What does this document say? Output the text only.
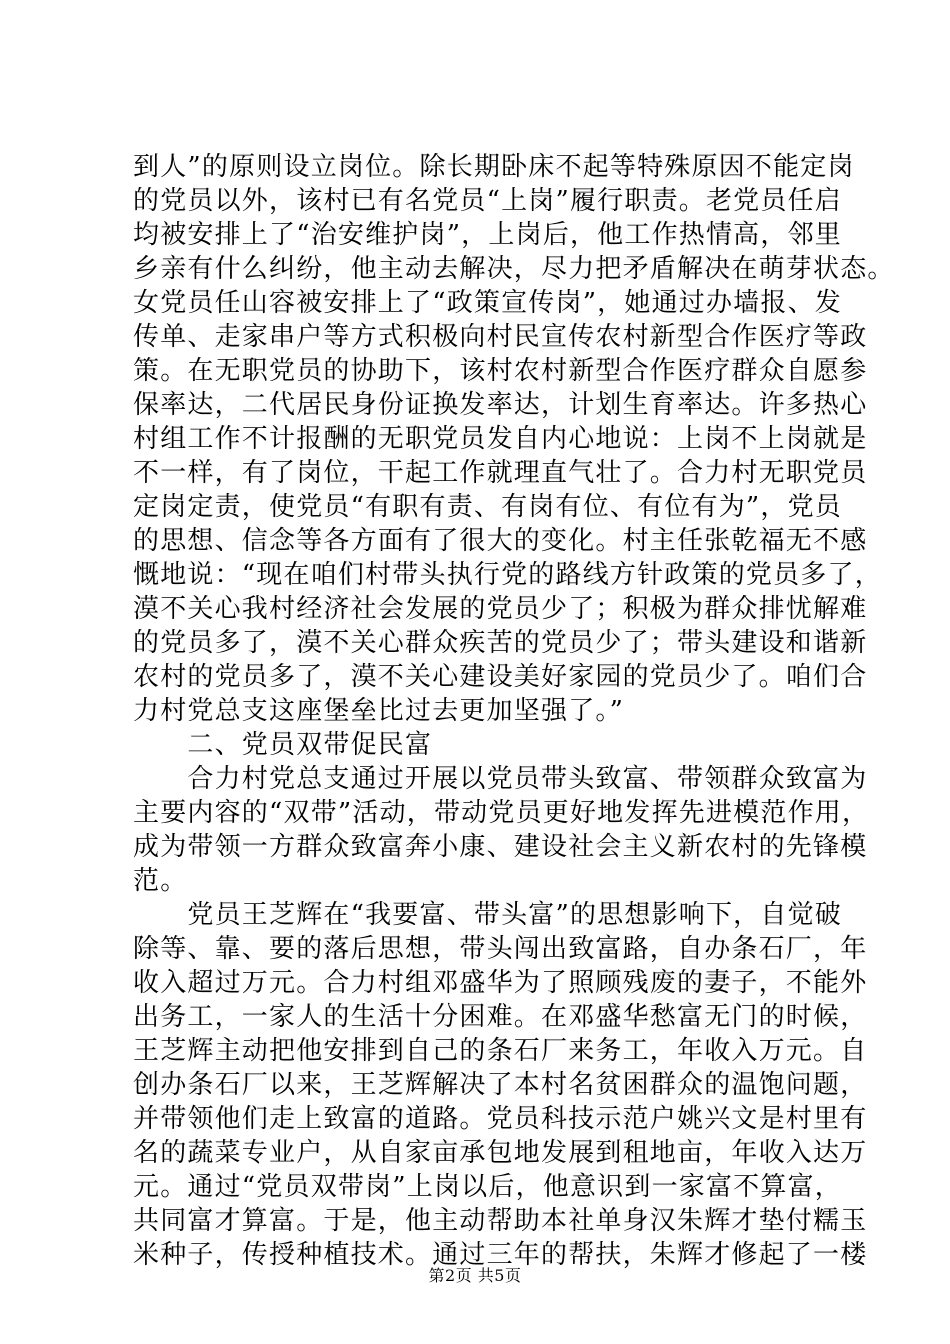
到人”的原则设立岗位。除长期卧床不起等特殊原因不能定岗
的党员以外，该村已有名党员“上岗”履行职责。老党员任启
均被安排上了“治安维护岗”，上岗后，他工作热情高，邻里
乡亲有什么纠纷，他主动去解决，尽力把矛盾解决在萌芽状态。
女党员任山容被安排上了“政策宣传岗”，她通过办墙报、发
传单、走家串户等方式积极向村民宣传农村新型合作医疗等政
策。在无职党员的协助下，该村农村新型合作医疗群众自愿参
保率达，二代居民身份证换发率达，计划生育率达。许多热心
村组工作不计报酬的无职党员发自内心地说：上岗不上岗就是
不一样，有了岗位，干起工作就理直气壮了。合力村无职党员
定岗定责，使党员“有职有责、有岗有位、有位有为”，党员
的思想、信念等各方面有了很大的变化。村主任张乾福无不感
慨地说：“现在咱们村带头执行党的路线方针政策的党员多了，
漠不关心我村经济社会发展的党员少了；积极为群众排忧解难
的党员多了，漠不关心群众疾苦的党员少了；带头建设和谐新
农村的党员多了，漠不关心建设美好家园的党员少了。咱们合
力村党总支这座堡垒比过去更加坚强了。”
　　二、党员双带促民富
　　合力村党总支通过开展以党员带头致富、带领群众致富为
主要内容的“双带”活动，带动党员更好地发挥先进模范作用，
成为带领一方群众致富奔小康、建设社会主义新农村的先锋模
范。
　　党员王芝辉在“我要富、带头富”的思想影响下，自觉破
除等、靠、要的落后思想，带头闯出致富路，自办条石厂，年
收入超过万元。合力村组邓盛华为了照顾残废的妻子，不能外
出务工，一家人的生活十分困难。在邓盛华愁富无门的时候，
王芝辉主动把他安排到自己的条石厂来务工，年收入万元。自
创办条石厂以来，王芝辉解决了本村名贫困群众的温饱问题，
并带领他们走上致富的道路。党员科技示范户姚兴文是村里有
名的蔬菜专业户，从自家亩承包地发展到租地亩，年收入达万
元。通过“党员双带岗”上岗以后，他意识到一家富不算富，
共同富才算富。于是，他主动帮助本社单身汉朱辉才垫付糯玉
米种子，传授种植技术。通过三年的帮扶，朱辉才修起了一楼
第2页 共5页
